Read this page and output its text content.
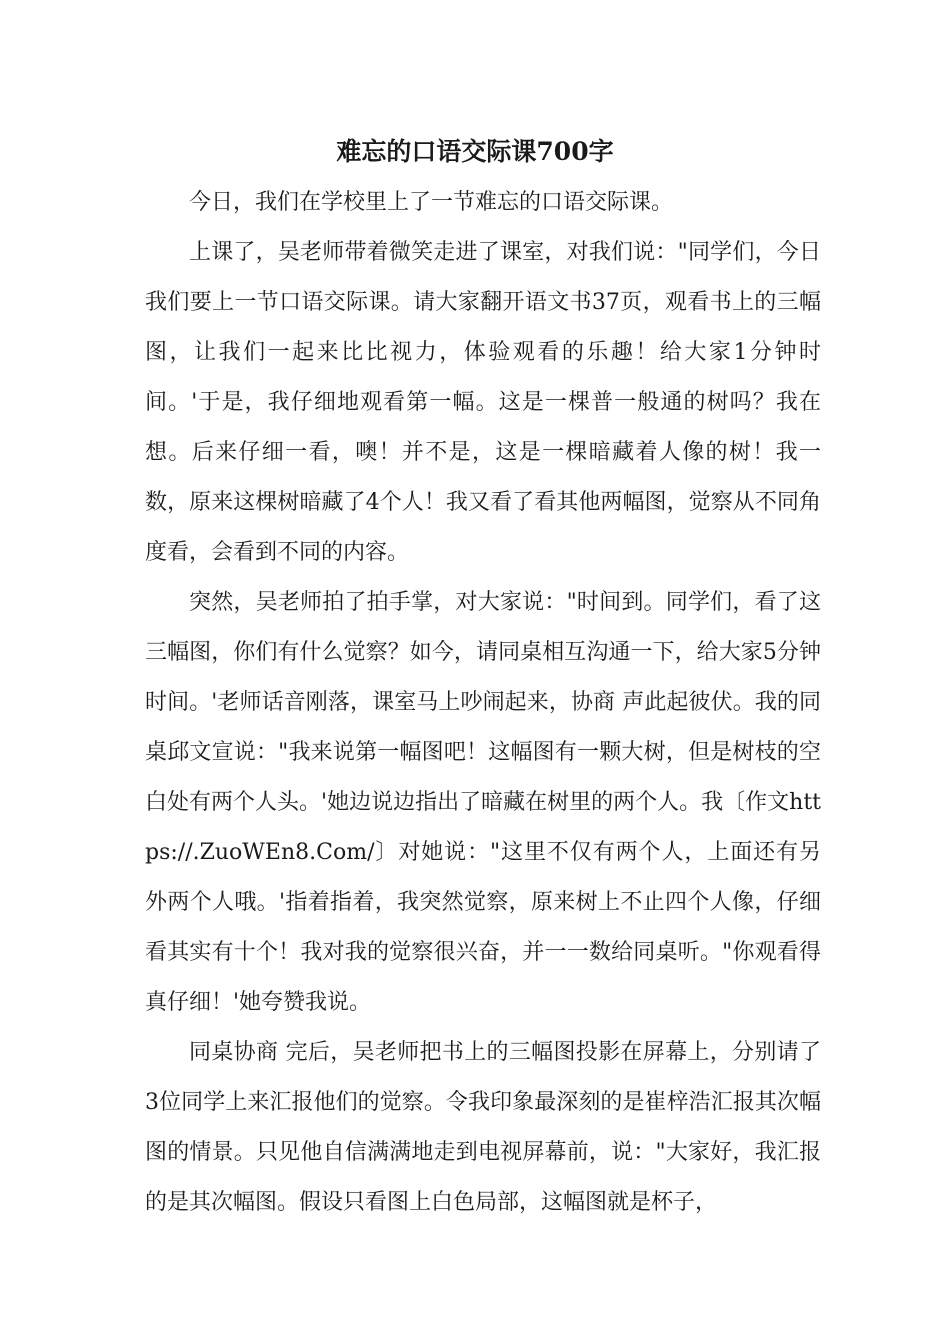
难忘的口语交际课700字

今日，我们在学校里上了一节难忘的口语交际课。

上课了，吴老师带着微笑走进了课室，对我们说："同学们，今日我们要上一节口语交际课。请大家翻开语文书37页，观看书上的三幅图，让我们一起来比比视力，体验观看的乐趣！给大家1分钟时间。'于是，我仔细地观看第一幅。这是一棵普一般通的树吗？我在想。后来仔细一看，噢！并不是，这是一棵暗藏着人像的树！我一数，原来这棵树暗藏了4个人！我又看了看其他两幅图，觉察从不同角度看，会看到不同的内容。

突然，吴老师拍了拍手掌，对大家说："时间到。同学们，看了这三幅图，你们有什么觉察？如今，请同桌相互沟通一下，给大家5分钟时间。'老师话音刚落，课室马上吵闹起来，协商 声此起彼伏。我的同桌邱文宣说："我来说第一幅图吧！这幅图有一颗大树，但是树枝的空白处有两个人头。'她边说边指出了暗藏在树里的两个人。我〔作文https://.ZuoWEn8.Com/〕对她说："这里不仅有两个人，上面还有另外两个人哦。'指着指着，我突然觉察，原来树上不止四个人像，仔细看其实有十个！我对我的觉察很兴奋，并一一数给同桌听。"你观看得真仔细！'她夸赞我说。

同桌协商 完后，吴老师把书上的三幅图投影在屏幕上，分别请了3位同学上来汇报他们的觉察。令我印象最深刻的是崔梓浩汇报其次幅图的情景。只见他自信满满地走到电视屏幕前，说："大家好，我汇报的是其次幅图。假设只看图上白色局部，这幅图就是杯子，
